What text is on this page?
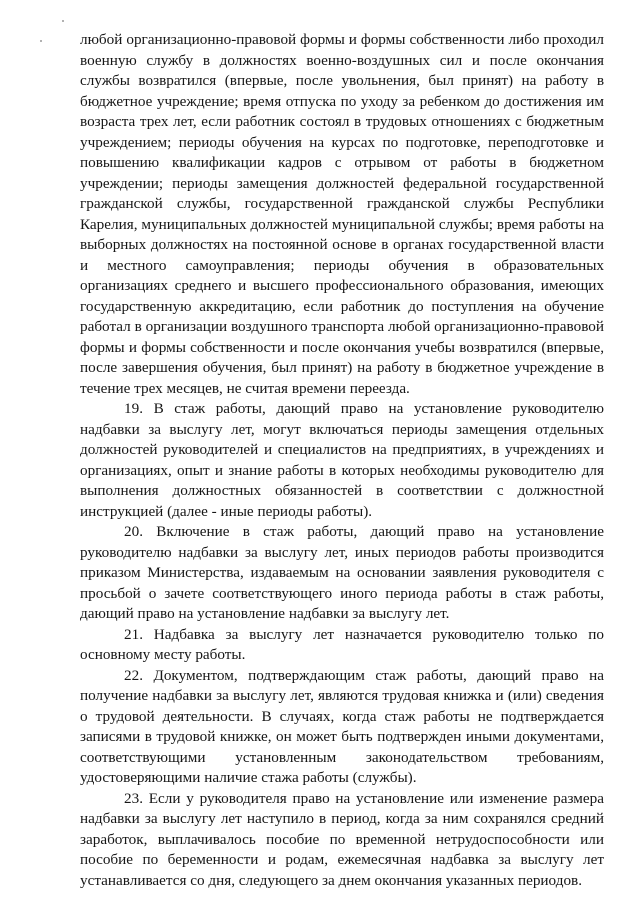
любой организационно-правовой формы и формы собственности либо проходил военную службу в должностях военно-воздушных сил и после окончания службы возвратился (впервые, после увольнения, был принят) на работу в бюджетное учреждение; время отпуска по уходу за ребенком до достижения им возраста трех лет, если работник состоял в трудовых отношениях с бюджетным учреждением; периоды обучения на курсах по подготовке, переподготовке и повышению квалификации кадров с отрывом от работы в бюджетном учреждении; периоды замещения должностей федеральной государственной гражданской службы, государственной гражданской службы Республики Карелия, муниципальных должностей муниципальной службы; время работы на выборных должностях на постоянной основе в органах государственной власти и местного самоуправления; периоды обучения в образовательных организациях среднего и высшего профессионального образования, имеющих государственную аккредитацию, если работник до поступления на обучение работал в организации воздушного транспорта любой организационно-правовой формы и формы собственности и после окончания учебы возвратился (впервые, после завершения обучения, был принят) на работу в бюджетное учреждение в течение трех месяцев, не считая времени переезда.

19. В стаж работы, дающий право на установление руководителю надбавки за выслугу лет, могут включаться периоды замещения отдельных должностей руководителей и специалистов на предприятиях, в учреждениях и организациях, опыт и знание работы в которых необходимы руководителю для выполнения должностных обязанностей в соответствии с должностной инструкцией (далее - иные периоды работы).

20. Включение в стаж работы, дающий право на установление руководителю надбавки за выслугу лет, иных периодов работы производится приказом Министерства, издаваемым на основании заявления руководителя с просьбой о зачете соответствующего иного периода работы в стаж работы, дающий право на установление надбавки за выслугу лет.

21. Надбавка за выслугу лет назначается руководителю только по основному месту работы.

22. Документом, подтверждающим стаж работы, дающий право на получение надбавки за выслугу лет, являются трудовая книжка и (или) сведения о трудовой деятельности. В случаях, когда стаж работы не подтверждается записями в трудовой книжке, он может быть подтвержден иными документами, соответствующими установленным законодательством требованиям, удостоверяющими наличие стажа работы (службы).

23. Если у руководителя право на установление или изменение размера надбавки за выслугу лет наступило в период, когда за ним сохранялся средний заработок, выплачивалось пособие по временной нетрудоспособности или пособие по беременности и родам, ежемесячная надбавка за выслугу лет устанавливается со дня, следующего за днем окончания указанных периодов.
